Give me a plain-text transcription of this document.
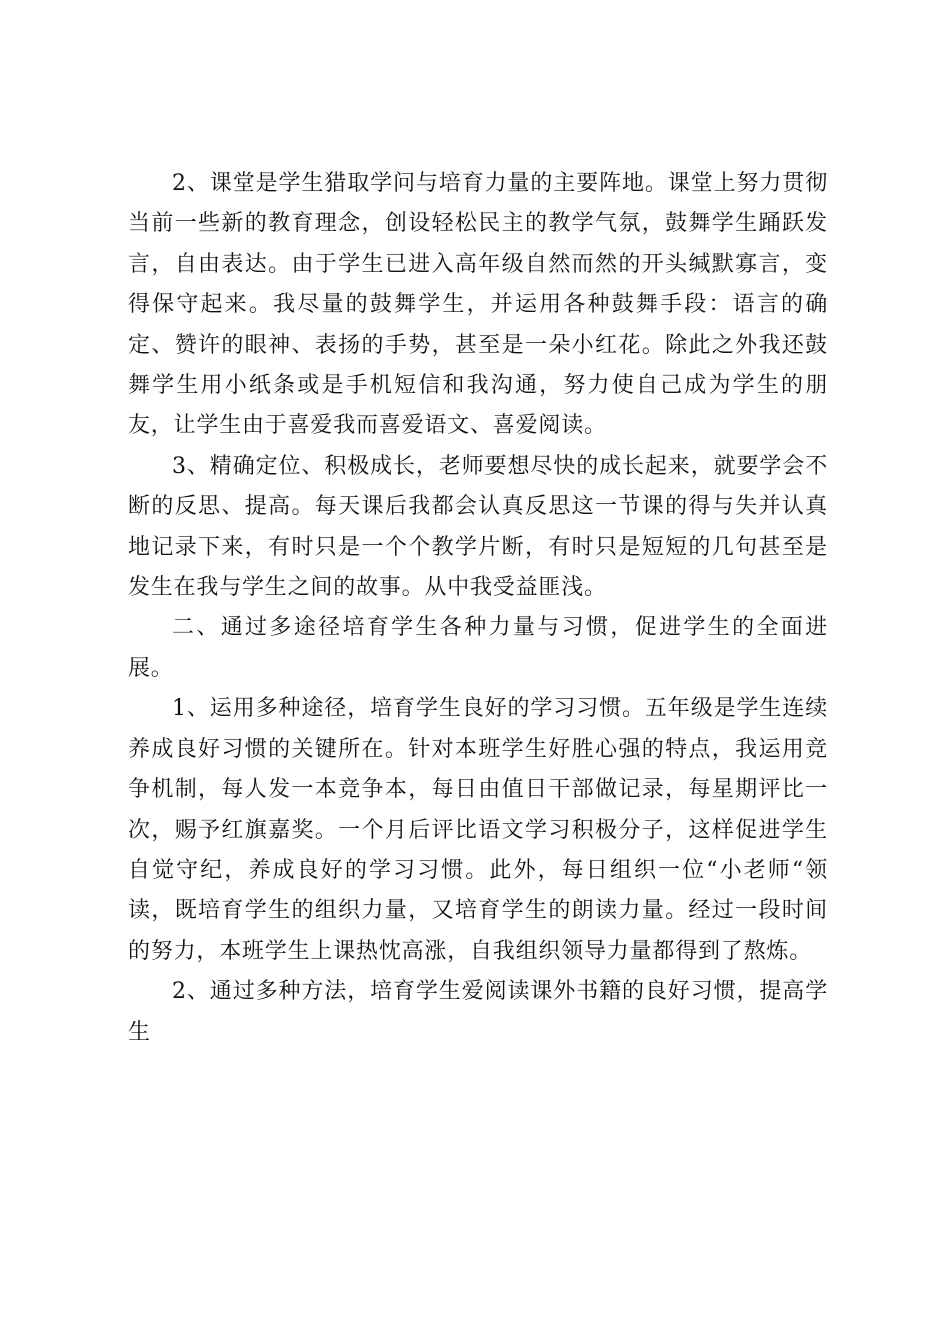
2、课堂是学生猎取学问与培育力量的主要阵地。课堂上努力贯彻当前一些新的教育理念，创设轻松民主的教学气氛，鼓舞学生踊跃发言，自由表达。由于学生已进入高年级自然而然的开头缄默寡言，变得保守起来。我尽量的鼓舞学生，并运用各种鼓舞手段：语言的确定、赞许的眼神、表扬的手势，甚至是一朵小红花。除此之外我还鼓舞学生用小纸条或是手机短信和我沟通，努力使自己成为学生的朋友，让学生由于喜爱我而喜爱语文、喜爱阅读。

3、精确定位、积极成长，老师要想尽快的成长起来，就要学会不断的反思、提高。每天课后我都会认真反思这一节课的得与失并认真地记录下来，有时只是一个个教学片断，有时只是短短的几句甚至是发生在我与学生之间的故事。从中我受益匪浅。

二、通过多途径培育学生各种力量与习惯，促进学生的全面进展。

1、运用多种途径，培育学生良好的学习习惯。五年级是学生连续养成良好习惯的关键所在。针对本班学生好胜心强的特点，我运用竞争机制，每人发一本竞争本，每日由值日干部做记录，每星期评比一次，赐予红旗嘉奖。一个月后评比语文学习积极分子，这样促进学生自觉守纪，养成良好的学习习惯。此外，每日组织一位“小老师“领读，既培育学生的组织力量，又培育学生的朗读力量。经过一段时间的努力，本班学生上课热忱高涨，自我组织领导力量都得到了熬炼。

2、通过多种方法，培育学生爱阅读课外书籍的良好习惯，提高学生
